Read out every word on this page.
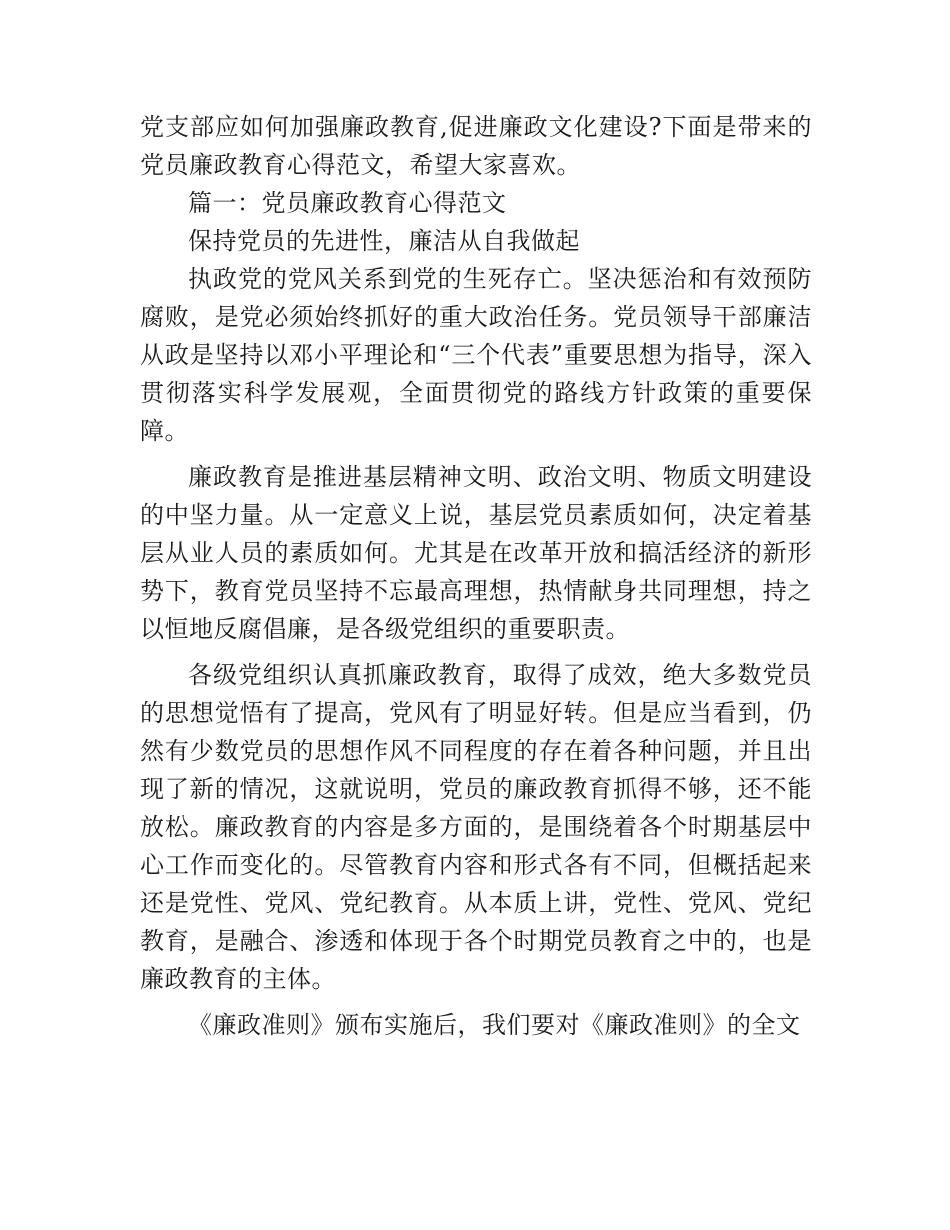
党支部应如何加强廉政教育,促进廉政文化建设?下面是带来的党员廉政教育心得范文，希望大家喜欢。

篇一：党员廉政教育心得范文

保持党员的先进性，廉洁从自我做起

执政党的党风关系到党的生死存亡。坚决惩治和有效预防腐败，是党必须始终抓好的重大政治任务。党员领导干部廉洁从政是坚持以邓小平理论和“三个代表”重要思想为指导，深入贯彻落实科学发展观，全面贯彻党的路线方针政策的重要保障。

廉政教育是推进基层精神文明、政治文明、物质文明建设的中坚力量。从一定意义上说，基层党员素质如何，决定着基层从业人员的素质如何。尤其是在改革开放和搞活经济的新形势下，教育党员坚持不忘最高理想，热情献身共同理想，持之以恒地反腐倡廉，是各级党组织的重要职责。

各级党组织认真抓廉政教育，取得了成效，绝大多数党员的思想觉悟有了提高，党风有了明显好转。但是应当看到，仍然有少数党员的思想作风不同程度的存在着各种问题，并且出现了新的情况，这就说明，党员的廉政教育抓得不够，还不能放松。廉政教育的内容是多方面的，是围绕着各个时期基层中心工作而变化的。尽管教育内容和形式各有不同，但概括起来还是党性、党风、党纪教育。从本质上讲，党性、党风、党纪教育，是融合、渗透和体现于各个时期党员教育之中的，也是廉政教育的主体。

《廉政准则》颁布实施后，我们要对《廉政准则》的全文
